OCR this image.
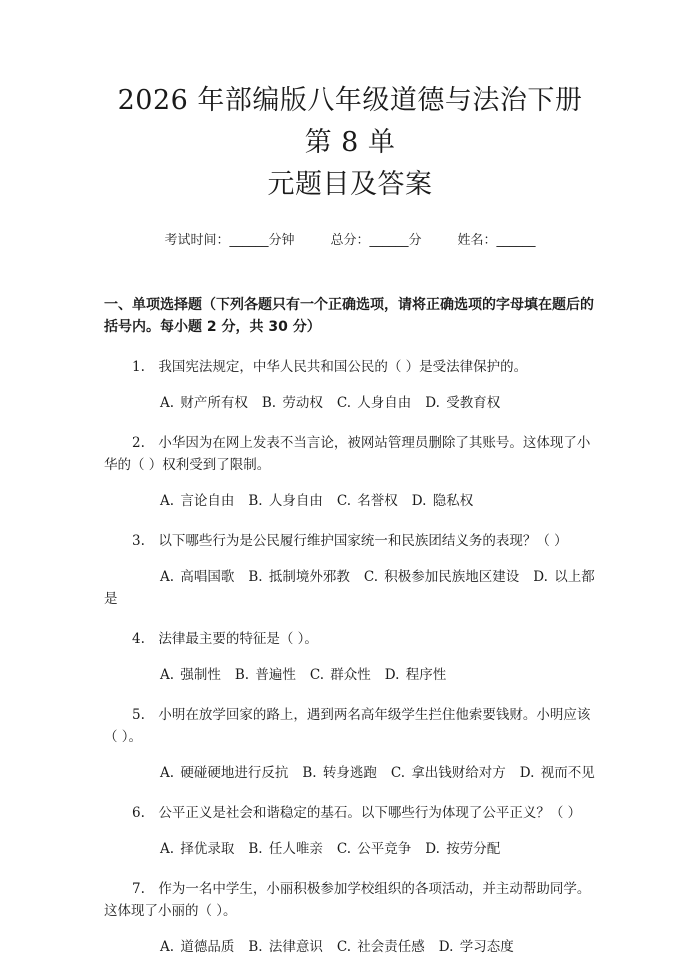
2026 年部编版八年级道德与法治下册第 8 单
元题目及答案
考试时间：______分钟	总分：______分	姓名：______
一、单项选择题（下列各题只有一个正确选项，请将正确选项的字母填在题后的括号内。每小题 2 分，共 30 分）
1.　我国宪法规定，中华人民共和国公民的（ ）是受法律保护的。
A. 财产所有权 B. 劳动权 C. 人身自由 D. 受教育权
2.　小华因为在网上发表不当言论，被网站管理员删除了其账号。这体现了小华的（ ）权利受到了限制。
A. 言论自由 B. 人身自由 C. 名誉权 D. 隐私权
3.　以下哪些行为是公民履行维护国家统一和民族团结义务的表现？（ ）
A. 高唱国歌 B. 抵制境外邪教 C. 积极参加民族地区建设 D. 以上都是
4.　法律最主要的特征是（ ）。
A. 强制性 B. 普遍性 C. 群众性 D. 程序性
5.　小明在放学回家的路上，遇到两名高年级学生拦住他索要钱财。小明应该（ ）。
A. 硬碰硬地进行反抗 B. 转身逃跑 C. 拿出钱财给对方 D. 视而不见
6.　公平正义是社会和谐稳定的基石。以下哪些行为体现了公平正义？（ ）
A. 择优录取 B. 任人唯亲 C. 公平竞争 D. 按劳分配
7.　作为一名中学生，小丽积极参加学校组织的各项活动，并主动帮助同学。这体现了小丽的（ ）。
A. 道德品质 B. 法律意识 C. 社会责任感 D. 学习态度
